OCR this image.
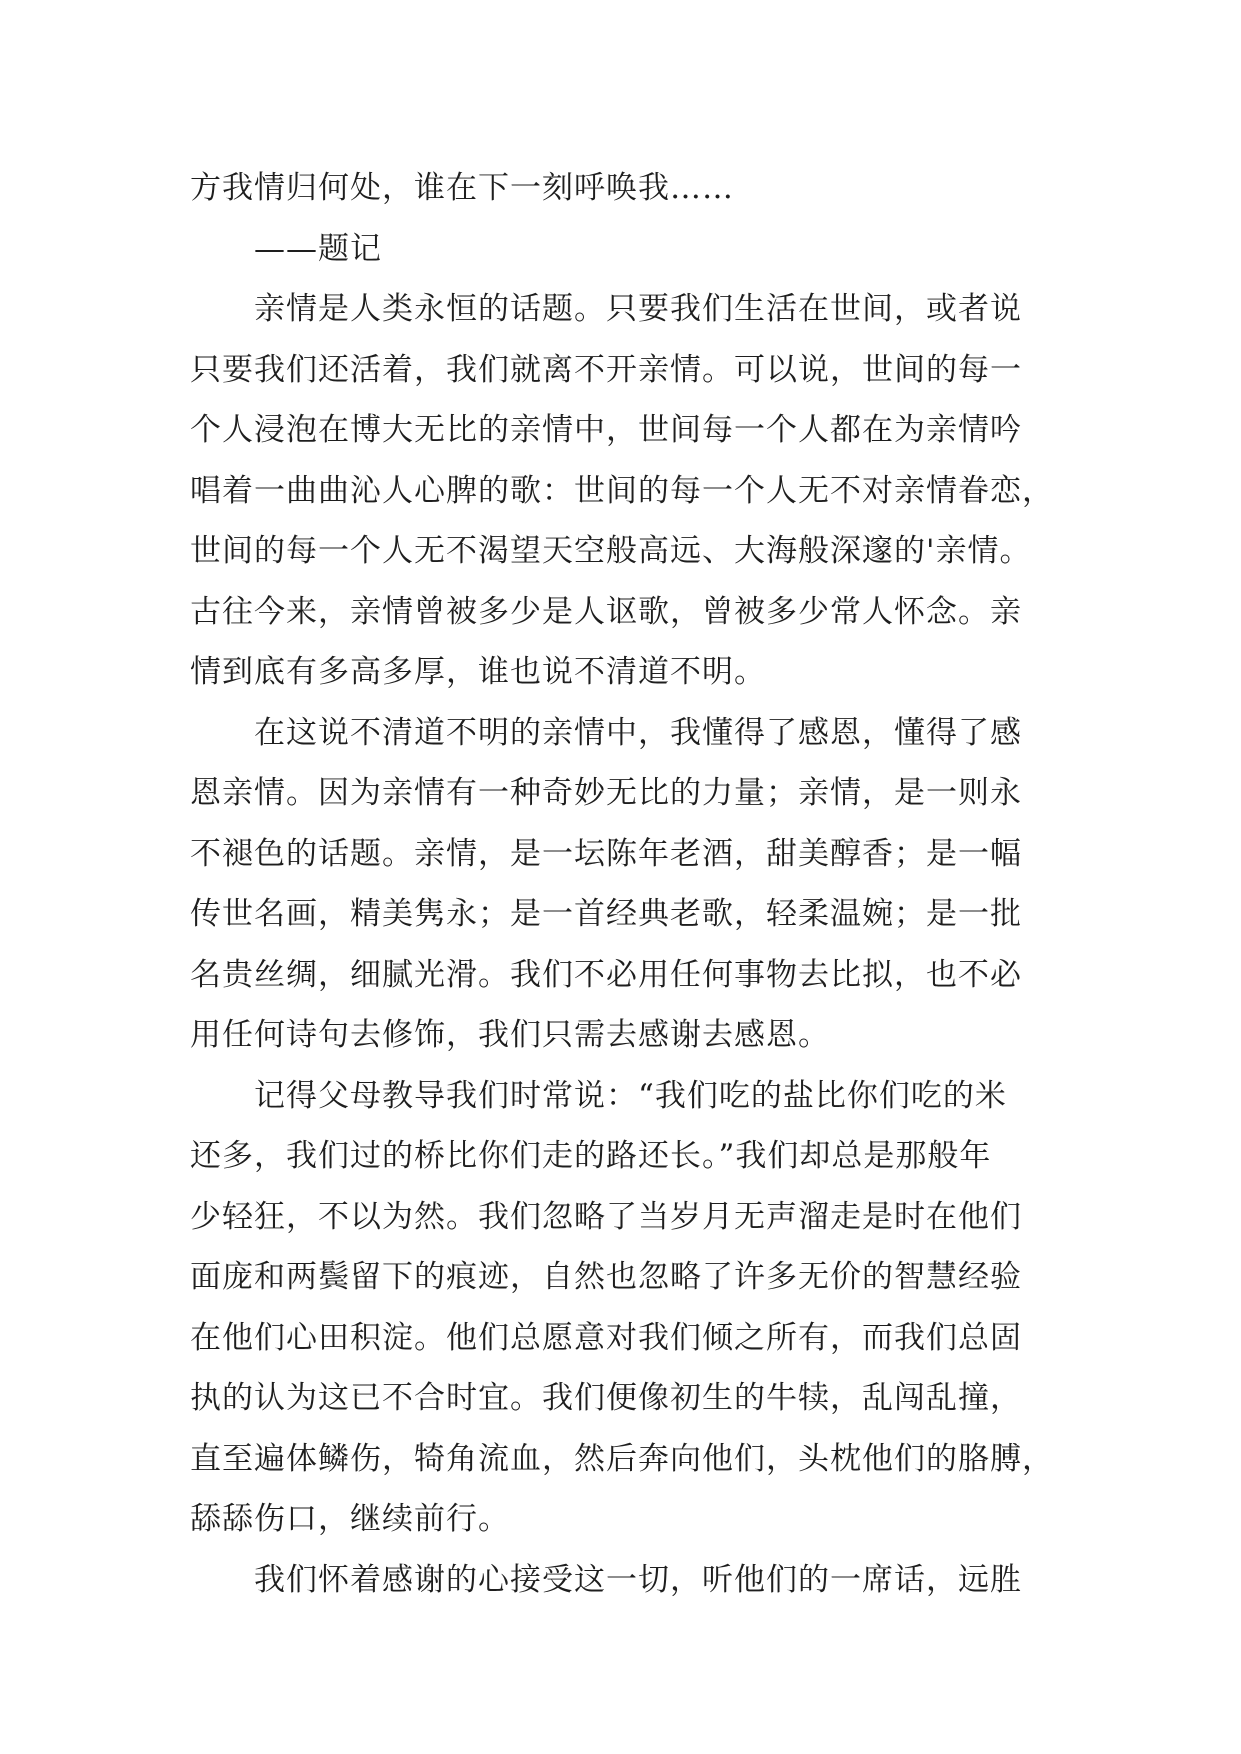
方我情归何处，谁在下一刻呼唤我……
——题记
亲情是人类永恒的话题。只要我们生活在世间，或者说
只要我们还活着，我们就离不开亲情。可以说，世间的每一
个人浸泡在博大无比的亲情中，世间每一个人都在为亲情吟
唱着一曲曲沁人心脾的歌：世间的每一个人无不对亲情眷恋，
世间的每一个人无不渴望天空般高远、大海般深邃的'亲情。
古往今来，亲情曾被多少是人讴歌，曾被多少常人怀念。亲
情到底有多高多厚，谁也说不清道不明。
在这说不清道不明的亲情中，我懂得了感恩，懂得了感
恩亲情。因为亲情有一种奇妙无比的力量；亲情，是一则永
不褪色的话题。亲情，是一坛陈年老酒，甜美醇香；是一幅
传世名画，精美隽永；是一首经典老歌，轻柔温婉；是一批
名贵丝绸，细腻光滑。我们不必用任何事物去比拟，也不必
用任何诗句去修饰，我们只需去感谢去感恩。
记得父母教导我们时常说：“我们吃的盐比你们吃的米
还多，我们过的桥比你们走的路还长。”我们却总是那般年
少轻狂，不以为然。我们忽略了当岁月无声溜走是时在他们
面庞和两鬓留下的痕迹，自然也忽略了许多无价的智慧经验
在他们心田积淀。他们总愿意对我们倾之所有，而我们总固
执的认为这已不合时宜。我们便像初生的牛犊，乱闯乱撞，
直至遍体鳞伤，犄角流血，然后奔向他们，头枕他们的胳膊，
舔舔伤口，继续前行。
我们怀着感谢的心接受这一切，听他们的一席话，远胜
